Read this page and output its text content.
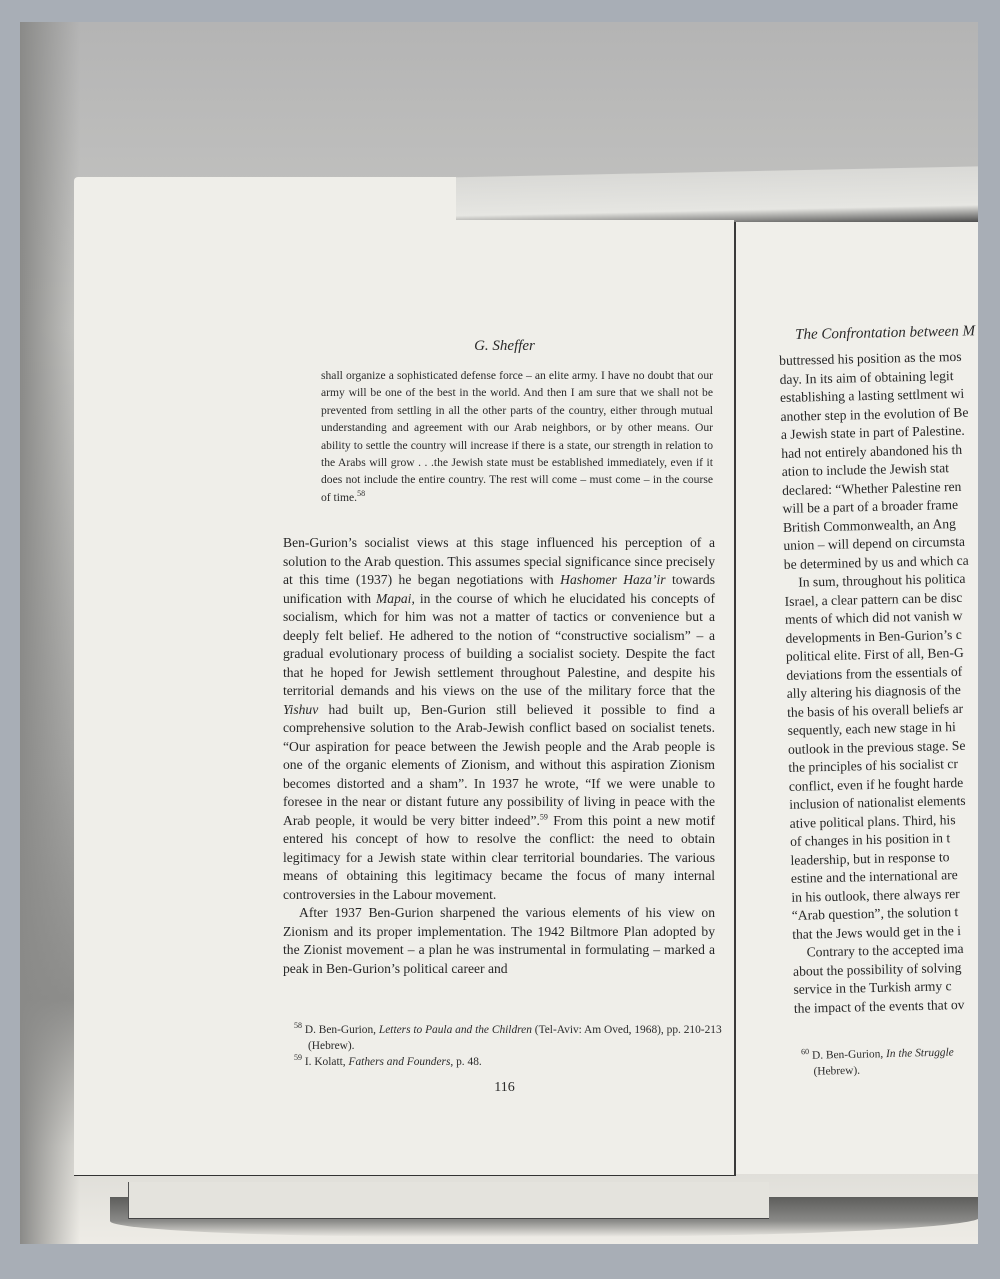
The Confrontation between M
buttressed his position as the mos
day. In its aim of obtaining legit
establishing a lasting settlment wi
another step in the evolution of Be
a Jewish state in part of Palestine.
had not entirely abandoned his th
ation to include the Jewish stat
declared: “Whether Palestine ren
will be a part of a broader frame
British Commonwealth, an Ang
union – will depend on circumsta
be determined by us and which ca
In sum, throughout his politica
Israel, a clear pattern can be disc
ments of which did not vanish w
developments in Ben-Gurion’s c
political elite. First of all, Ben-G
deviations from the essentials of
ally altering his diagnosis of the
the basis of his overall beliefs ar
sequently, each new stage in hi
outlook in the previous stage. Se
the principles of his socialist cr
conflict, even if he fought harde
inclusion of nationalist elements
ative political plans. Third, his
of changes in his position in t
leadership, but in response to
estine and the international are
in his outlook, there always rer
“Arab question”, the solution t
that the Jews would get in the i
Contrary to the accepted ima
about the possibility of solving
service in the Turkish army c
the impact of the events that ov
$^{60}$ D. Ben-Gurion, In the Struggle
(Hebrew).
G. Sheffer

shall organize a sophisticated defense force – an elite army. I have no doubt that our army will be one of the best in the world. And then I am sure that we shall not be prevented from settling in all the other parts of the country, either through mutual understanding and agreement with our Arab neighbors, or by other means. Our ability to settle the country will increase if there is a state, our strength in relation to the Arabs will grow . . .the Jewish state must be established immediately, even if it does not include the entire country. The rest will come – must come – in the course of time.$^{58}$

Ben-Gurion’s socialist views at this stage influenced his perception of a solution to the Arab question. This assumes special significance since precisely at this time (1937) he began negotiations with Hashomer Haza’ir towards unification with Mapai, in the course of which he elucidated his concepts of socialism, which for him was not a matter of tactics or convenience but a deeply felt belief. He adhered to the notion of “constructive socialism” – a gradual evolutionary process of building a socialist society. Despite the fact that he hoped for Jewish settlement throughout Palestine, and despite his territorial demands and his views on the use of the military force that the Yishuv had built up, Ben-Gurion still believed it possible to find a comprehensive solution to the Arab-Jewish conflict based on socialist tenets. “Our aspiration for peace between the Jewish people and the Arab people is one of the organic elements of Zionism, and without this aspiration Zionism becomes distorted and a sham”. In 1937 he wrote, “If we were unable to foresee in the near or distant future any possibility of living in peace with the Arab people, it would be very bitter indeed”.$^{59}$ From this point a new motif entered his concept of how to resolve the conflict: the need to obtain legitimacy for a Jewish state within clear territorial boundaries. The various means of obtaining this legitimacy became the focus of many internal controversies in the Labour movement.

After 1937 Ben-Gurion sharpened the various elements of his view on Zionism and its proper implementation. The 1942 Biltmore Plan adopted by the Zionist movement – a plan he was instrumental in formulating – marked a peak in Ben-Gurion’s political career and

$^{58}$ D. Ben-Gurion, Letters to Paula and the Children (Tel-Aviv: Am Oved, 1968), pp. 210-213 (Hebrew).

$^{59}$ I. Kolatt, Fathers and Founders, p. 48.

116
